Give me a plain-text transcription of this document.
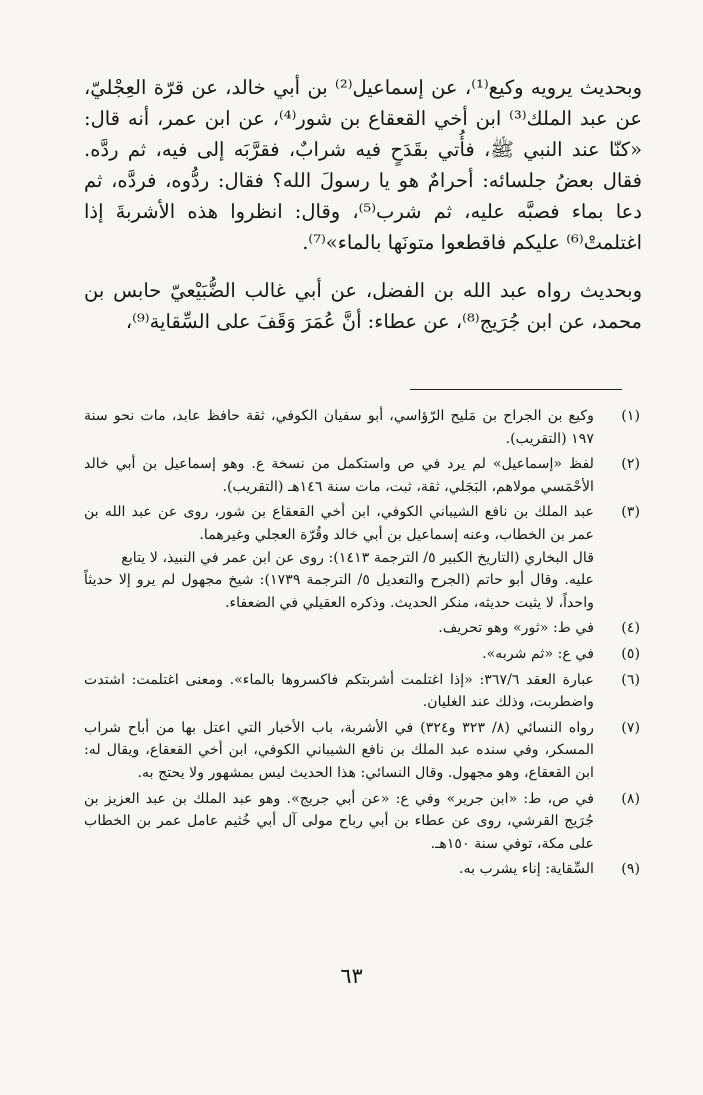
وبحديث يرويه وكيع⁽¹⁾، عن إسماعيل⁽²⁾ بن أبي خالد، عن قرّة العِجْليّ، عن عبد الملك⁽³⁾ ابن أخي القعقاع بن شور⁽⁴⁾، عن ابن عمر، أنه قال: «كنّا عند النبي ﷺ، فأُتي بقَدَحٍ فيه شرابٌ، فقرَّبَه إلى فيه، ثم ردَّه. فقال بعضُ جلسائه: أحرامٌ هو يا رسولَ الله؟ فقال: ردُّوه، فردَّه، ثم دعا بماء فصبَّه عليه، ثم شرب⁽⁵⁾، وقال: انظروا هذه الأشربةَ إذا اغتلمتْ⁽⁶⁾ عليكم فاقطعوا متونَها بالماء»⁽⁷⁾.

وبحديث رواه عبد الله بن الفضل، عن أبي غالب الضُّبَيْعيّ حابس بن محمد، عن ابن جُرَيج⁽⁸⁾، عن عطاء: أنَّ عُمَرَ وَقَفَ على السِّقاية⁽⁹⁾،

(١)
وكيع بن الجراح بن مَليح الرّؤاسي، أبو سفيان الكوفي، ثقة حافظ عابد، مات نحو سنة ١٩٧ (التقريب).
(٢)
لفظ «إسماعيل» لم يرد في ص واستكمل من نسخة ع. وهو إسماعيل بن أبي خالد الأحْمَسي مولاهم، البَجَلي، ثقة، ثبت، مات سنة ١٤٦هـ (التقريب).
(٣)
عبد الملك بن نافع الشيباني الكوفي، ابن أخي القعقاع بن شور، روى عن عبد الله بن عمر بن الخطاب، وعنه إسماعيل بن أبي خالد وقُرّة العجلي وغيرهما.
قال البخاري (التاريخ الكبير ٥/ الترجمة ١٤١٣): روى عن ابن عمر في النبيذ، لا يتابع
عليه. وقال أبو حاتم (الجرح والتعديل ٥/ الترجمة ١٧٣٩): شيخ مجهول لم يرو إلا حديثاً واحداً، لا يثبت حديثه، منكر الحديث. وذكره العقيلي في الضعفاء.
(٤)
في ط: «ثور» وهو تحريف.
(٥)
في ع: «ثم شربه».
(٦)
عبارة العقد ٣٦٧/٦: «إذا اغتلمت أشربتكم فاكسروها بالماء». ومعنى اغتلمت: اشتدت واضطربت، وذلك عند الغليان.
(٧)
رواه النسائي (٨/ ٣٢٣ و٣٢٤) في الأشربة، باب الأخبار التي اعتل بها من أباح شراب المسكر، وفي سنده عبد الملك بن نافع الشيباني الكوفي، ابن أخي القعقاع، ويقال له: ابن القعقاع، وهو مجهول. وقال النسائي: هذا الحديث ليس بمشهور ولا يحتج به.
(٨)
في ص، ط: «ابن جرير» وفي ع: «عن أبي جريج». وهو عبد الملك بن عبد العزيز بن جُرَيج القرشي، روى عن عطاء بن أبي رباح مولى آل أبي خُثيم عامل عمر بن الخطاب على مكة، توفي سنة ١٥٠هـ.
(٩)
السِّقاية: إناء يشرب به.
٦٣
